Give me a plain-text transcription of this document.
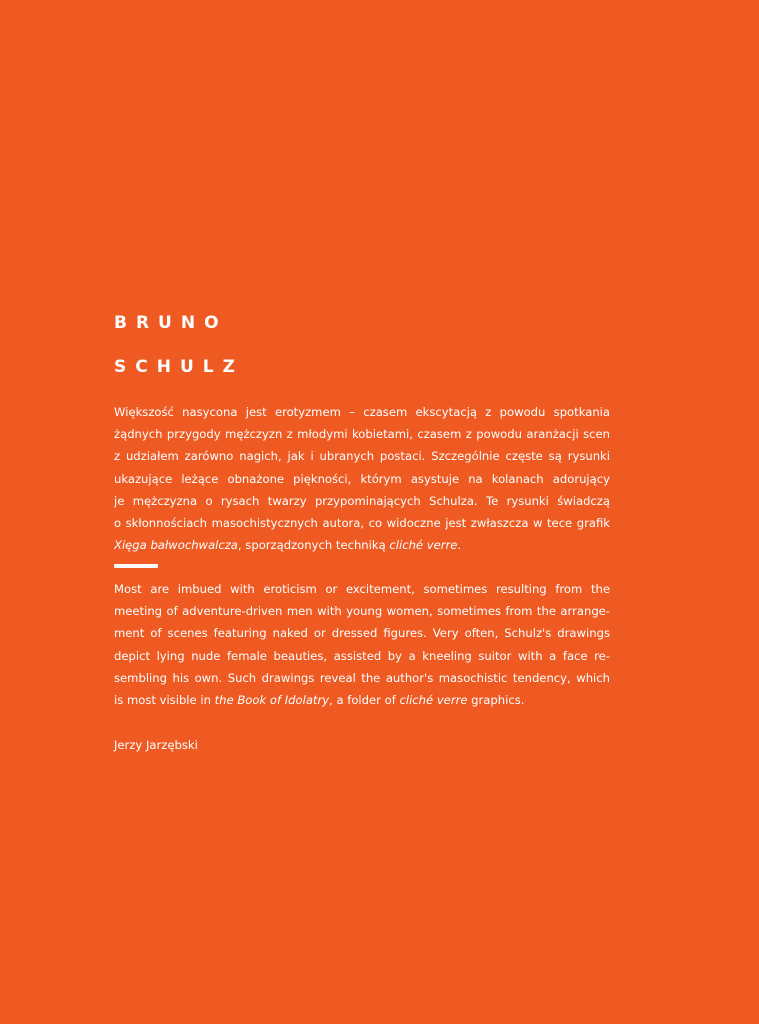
BRUNO
SCHULZ

Większość nasycona jest erotyzmem – czasem ekscytacją z powodu spotkania
żądnych przygody mężczyzn z młodymi kobietami, czasem z powodu aranżacji scen
z udziałem zarówno nagich, jak i ubranych postaci. Szczególnie częste są rysunki
ukazujące leżące obnażone piękności, którym asystuje na kolanach adorujący
je mężczyzna o rysach twarzy przypominających Schulza. Te rysunki świadczą
o skłonnościach masochistycznych autora, co widoczne jest zwłaszcza w tece grafik
Xięga bałwochwalcza, sporządzonych techniką cliché verre.

Most are imbued with eroticism or excitement, sometimes resulting from the
meeting of adventure-driven men with young women, sometimes from the arrange-
ment of scenes featuring naked or dressed figures. Very often, Schulz's drawings
depict lying nude female beauties, assisted by a kneeling suitor with a face re-
sembling his own. Such drawings reveal the author's masochistic tendency, which
is most visible in the Book of Idolatry, a folder of cliché verre graphics.

Jerzy Jarzębski
